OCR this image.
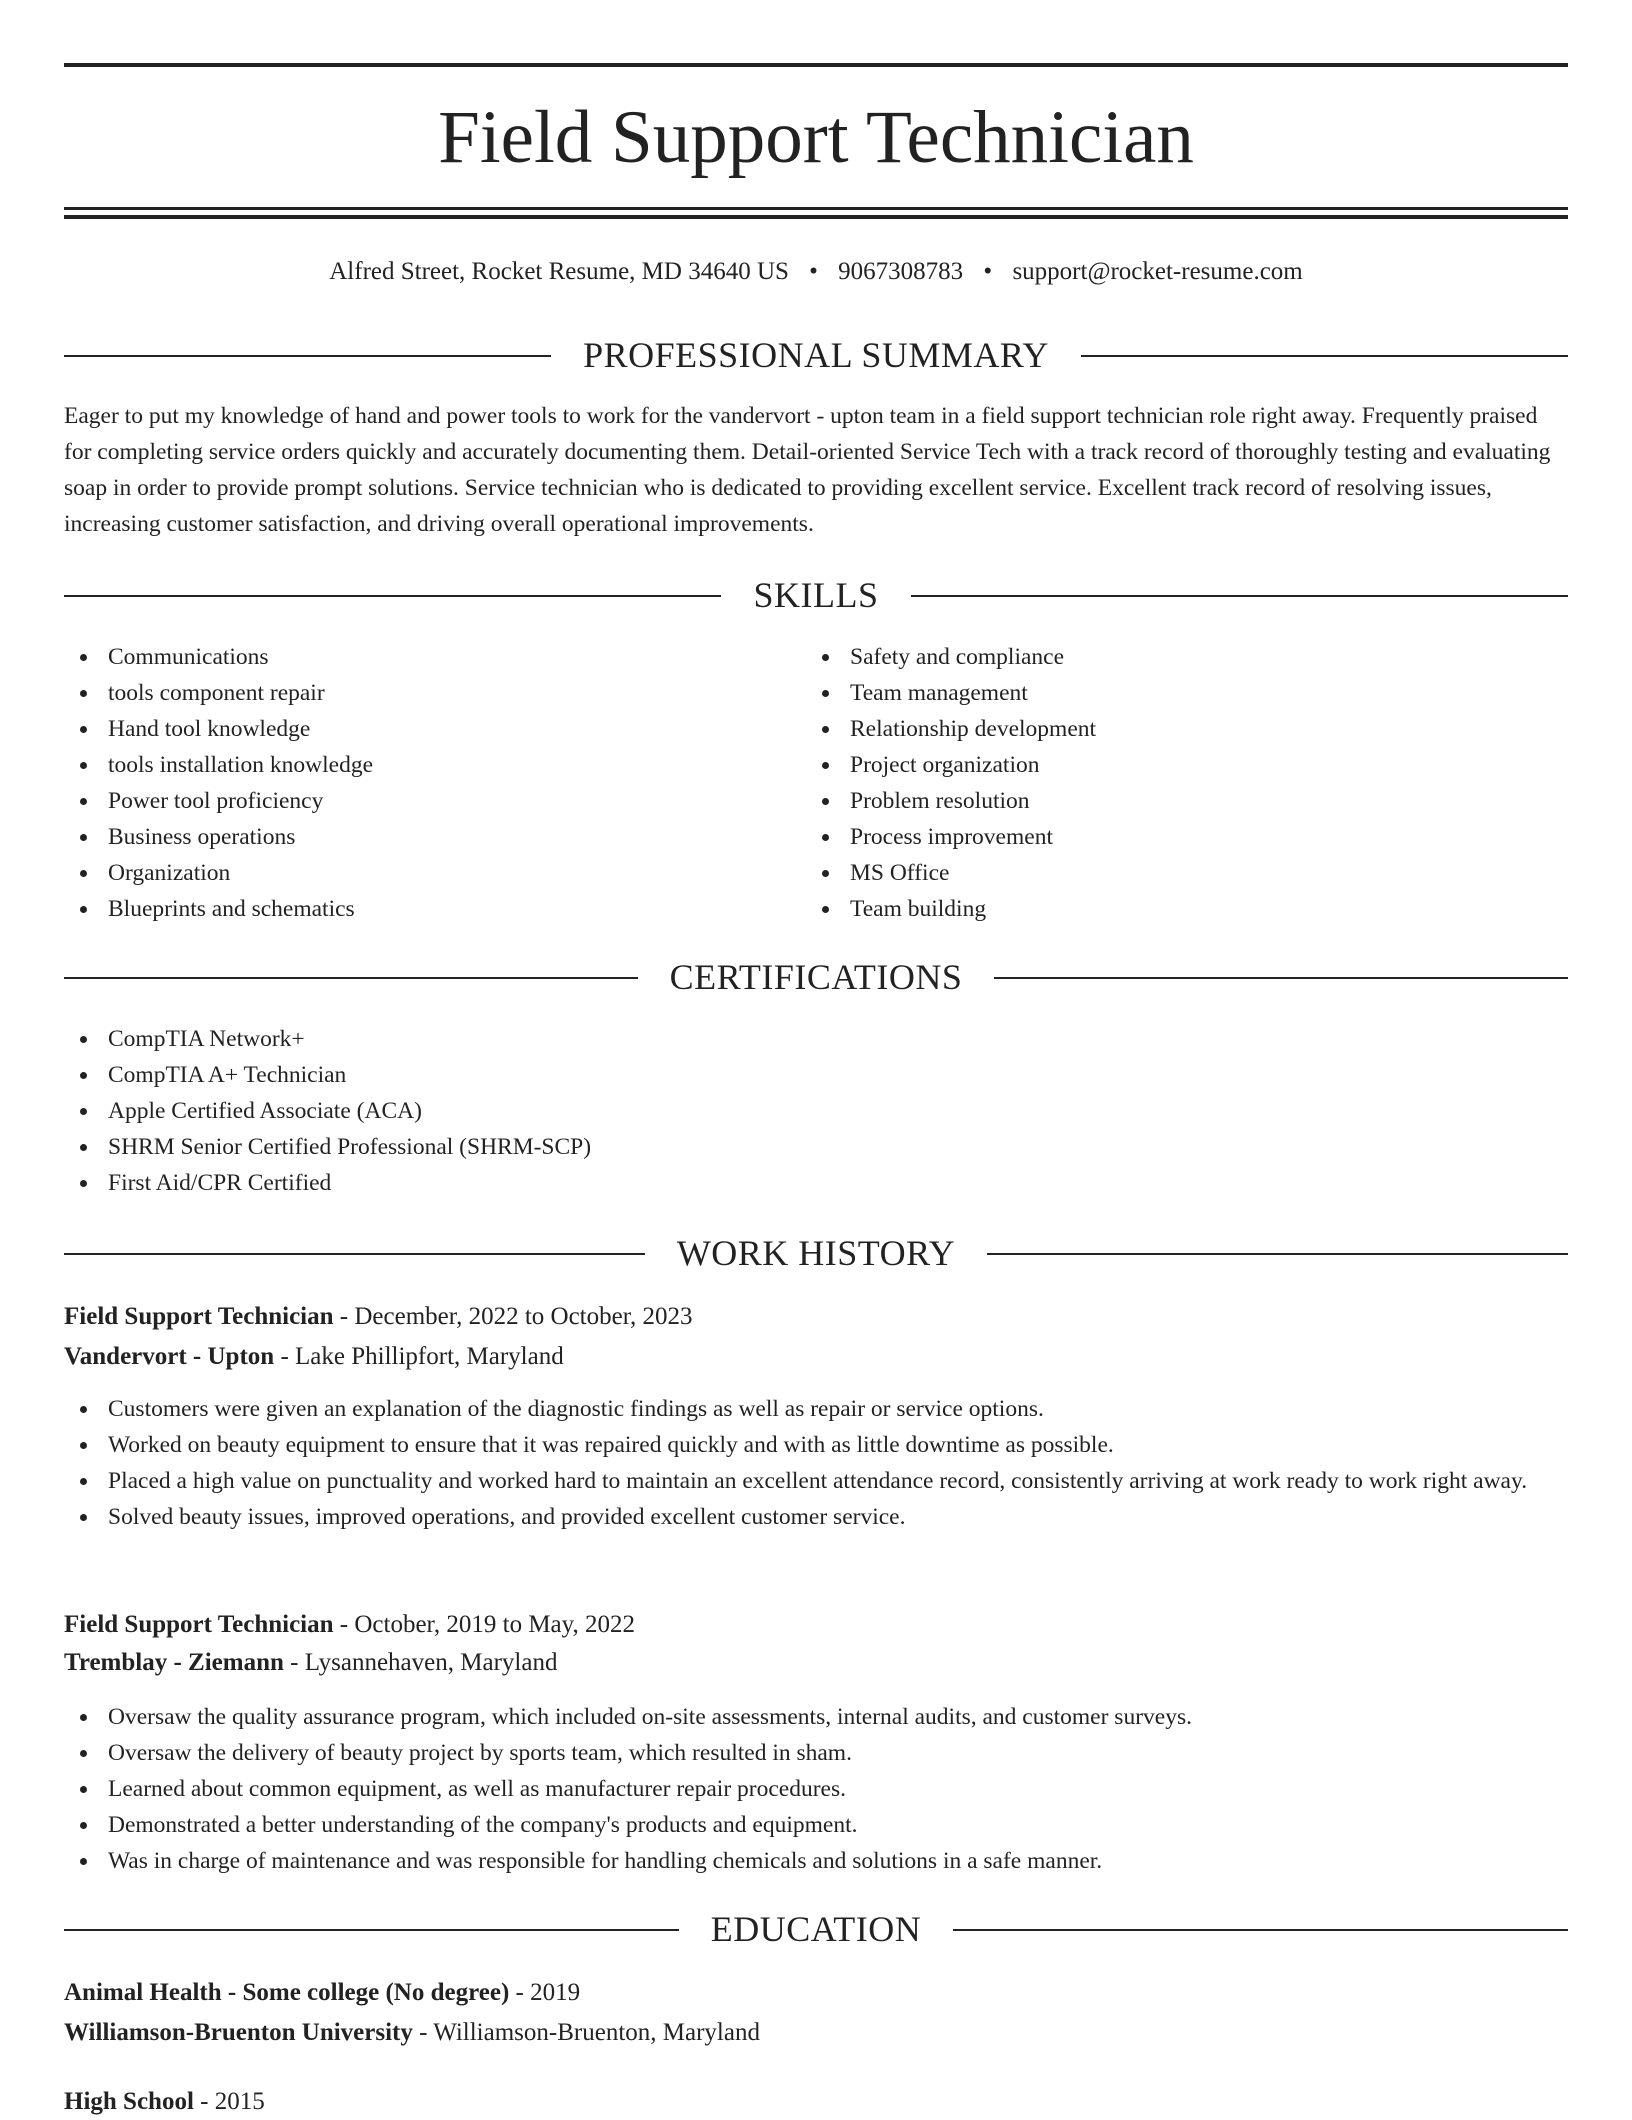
Field Support Technician
Alfred Street, Rocket Resume, MD 34640 US • 9067308783 • support@rocket-resume.com
PROFESSIONAL SUMMARY

Eager to put my knowledge of hand and power tools to work for the vandervort - upton team in a field support technician role right away. Frequently praised for completing service orders quickly and accurately documenting them. Detail-oriented Service Tech with a track record of thoroughly testing and evaluating soap in order to provide prompt solutions. Service technician who is dedicated to providing excellent service. Excellent track record of resolving issues, increasing customer satisfaction, and driving overall operational improvements.

SKILLS
Communications
tools component repair
Hand tool knowledge
tools installation knowledge
Power tool proficiency
Business operations
Organization
Blueprints and schematics
Safety and compliance
Team management
Relationship development
Project organization
Problem resolution
Process improvement
MS Office
Team building
CERTIFICATIONS
CompTIA Network+
CompTIA A+ Technician
Apple Certified Associate (ACA)
SHRM Senior Certified Professional (SHRM-SCP)
First Aid/CPR Certified
WORK HISTORY
Field Support Technician - December, 2022 to October, 2023
Vandervort - Upton - Lake Phillipfort, Maryland
Customers were given an explanation of the diagnostic findings as well as repair or service options.
Worked on beauty equipment to ensure that it was repaired quickly and with as little downtime as possible.
Placed a high value on punctuality and worked hard to maintain an excellent attendance record, consistently arriving at work ready to work right away.
Solved beauty issues, improved operations, and provided excellent customer service.
Field Support Technician - October, 2019 to May, 2022
Tremblay - Ziemann - Lysannehaven, Maryland
Oversaw the quality assurance program, which included on-site assessments, internal audits, and customer surveys.
Oversaw the delivery of beauty project by sports team, which resulted in sham.
Learned about common equipment, as well as manufacturer repair procedures.
Demonstrated a better understanding of the company's products and equipment.
Was in charge of maintenance and was responsible for handling chemicals and solutions in a safe manner.
EDUCATION
Animal Health - Some college (No degree) - 2019
Williamson-Bruenton University - Williamson-Bruenton, Maryland
High School - 2015
